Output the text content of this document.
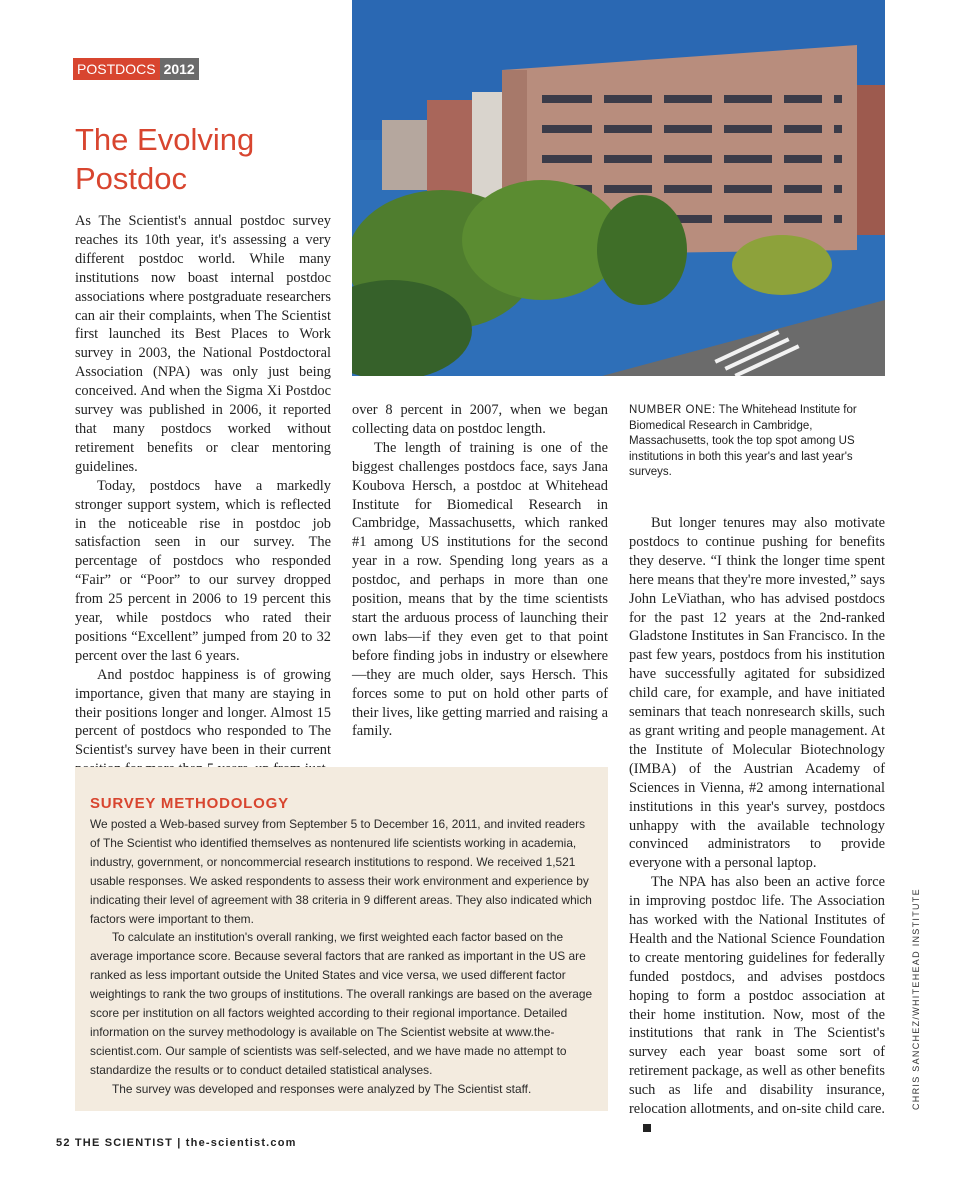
POSTDOCS 2012
The Evolving Postdoc

As The Scientist's annual postdoc survey reaches its 10th year, it's assessing a very different postdoc world. While many institutions now boast internal postdoc associations where postgraduate researchers can air their complaints, when The Scientist first launched its Best Places to Work survey in 2003, the National Postdoctoral Association (NPA) was only just being conceived. And when the Sigma Xi Postdoc survey was published in 2006, it reported that many postdocs worked without retirement benefits or clear mentoring guidelines.

Today, postdocs have a markedly stronger support system, which is reflected in the noticeable rise in postdoc job satisfaction seen in our survey. The percentage of postdocs who responded “Fair” or “Poor” to our survey dropped from 25 percent in 2006 to 19 percent this year, while postdocs who rated their positions “Excellent” jumped from 20 to 32 percent over the last 6 years.

And postdoc happiness is of growing importance, given that many are staying in their positions longer and longer. Almost 15 percent of postdocs who responded to The Scientist's survey have been in their current

over 8 percent in 2007, when we began collecting data on postdoc length.

The length of training is one of the biggest challenges postdocs face, says Jana Koubova Hersch, a postdoc at Whitehead Institute for Biomedical Research in Cambridge, Massachusetts, which ranked #1 among US institutions for the second year in a row. Spending long years as a postdoc, and perhaps in more than one position, means that by the time scientists start the arduous process of launching their own labs—if they even get to that point before finding jobs in industry or elsewhere—they are much older, says Hersch. This forces some to put on hold other parts of their lives, like getting married and raising a family.

NUMBER ONE: The Whitehead Institute for Biomedical Research in Cambridge, Massachusetts, took the top spot among US institutions in both this year's and last year's surveys.

But longer tenures may also motivate postdocs to continue pushing for benefits they deserve. “I think the longer time spent here means that they're more invested,” says John LeViathan, who has advised postdocs for the past 12 years at the 2nd-ranked Gladstone Institutes in San Francisco. In the past few years, postdocs from his institution have successfully agitated for subsidized child care, for example, and have initiated seminars that teach nonresearch skills, such as grant writing and people management. At the Institute of Molecular Biotechnology (IMBA) of the Austrian Academy of Sciences in Vienna, #2 among international institutions in this year's survey, postdocs unhappy with the available technology convinced administrators to provide everyone with a personal laptop.

The NPA has also been an active force in improving postdoc life. The Association has worked with the National Institutes of Health and the National Science Foundation to create mentoring guidelines for federally funded postdocs, and advises postdocs hoping to form a postdoc association at their home institution. Now, most of the institutions that rank in The Scientist's survey each year boast some sort of retirement package, as well as other benefits such as life and disability insurance, relocation allotments, and on-site child care.

SURVEY METHODOLOGY

We posted a Web-based survey from September 5 to December 16, 2011, and invited readers of The Scientist who identified themselves as nontenured life scientists working in academia, industry, government, or noncommercial research institutions to respond. We received 1,521 usable responses. We asked respondents to assess their work environment and experience by indicating their level of agreement with 38 criteria in 9 different areas. They also indicated which factors were important to them.

To calculate an institution's overall ranking, we first weighted each factor based on the average importance score. Because several factors that are ranked as important in the US are ranked as less important outside the United States and vice versa, we used different factor weightings to rank the two groups of institutions. The overall rankings are based on the average score per institution on all factors weighted according to their regional importance. Detailed information on the survey methodology is available on The Scientist website at www.the-scientist.com. Our sample of scientists was self-selected, and we have made no attempt to standardize the results or to conduct detailed statistical analyses.

The survey was developed and responses were analyzed by The Scientist staff.	CHRIS SANCHEZ/WHITEHEAD INSTITUTE
52 THE SCIENTIST | the-scientist.com
